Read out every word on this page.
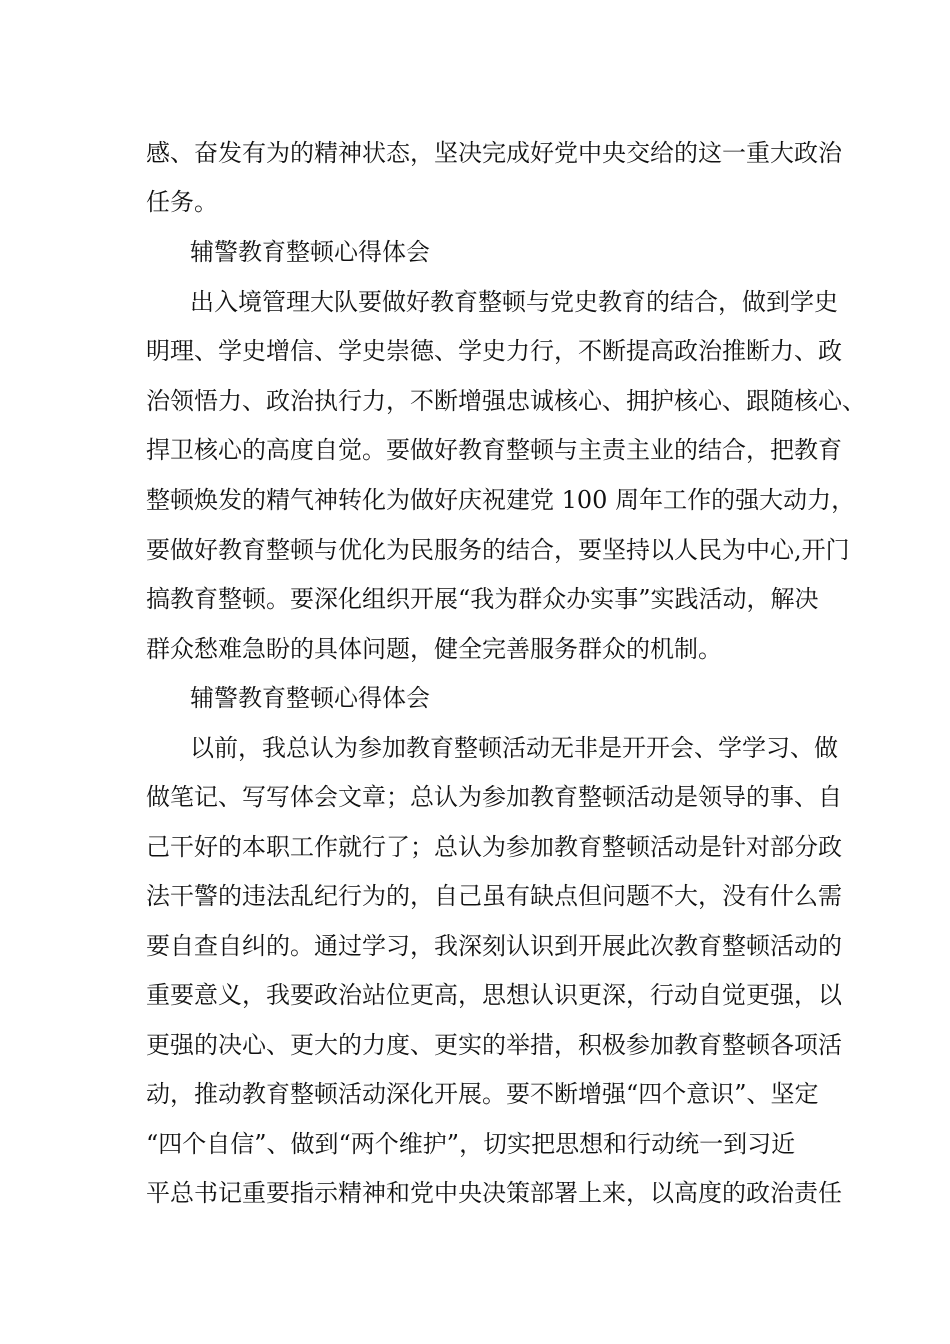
感、奋发有为的精神状态，坚决完成好党中央交给的这一重大政治
任务。
辅警教育整顿心得体会
出入境管理大队要做好教育整顿与党史教育的结合，做到学史
明理、学史增信、学史崇德、学史力行，不断提高政治推断力、政
治领悟力、政治执行力，不断增强忠诚核心、拥护核心、跟随核心、
捍卫核心的高度自觉。要做好教育整顿与主责主业的结合，把教育
整顿焕发的精气神转化为做好庆祝建党 100 周年工作的强大动力，
要做好教育整顿与优化为民服务的结合，要坚持以人民为中心,开门
搞教育整顿。要深化组织开展“我为群众办实事”实践活动，解决
群众愁难急盼的具体问题，健全完善服务群众的机制。
辅警教育整顿心得体会
以前，我总认为参加教育整顿活动无非是开开会、学学习、做
做笔记、写写体会文章；总认为参加教育整顿活动是领导的事、自
己干好的本职工作就行了；总认为参加教育整顿活动是针对部分政
法干警的违法乱纪行为的，自己虽有缺点但问题不大，没有什么需
要自查自纠的。通过学习，我深刻认识到开展此次教育整顿活动的
重要意义，我要政治站位更高，思想认识更深，行动自觉更强，以
更强的决心、更大的力度、更实的举措，积极参加教育整顿各项活
动，推动教育整顿活动深化开展。要不断增强“四个意识”、坚定
“四个自信”、做到“两个维护”，切实把思想和行动统一到习近
平总书记重要指示精神和党中央决策部署上来，以高度的政治责任
